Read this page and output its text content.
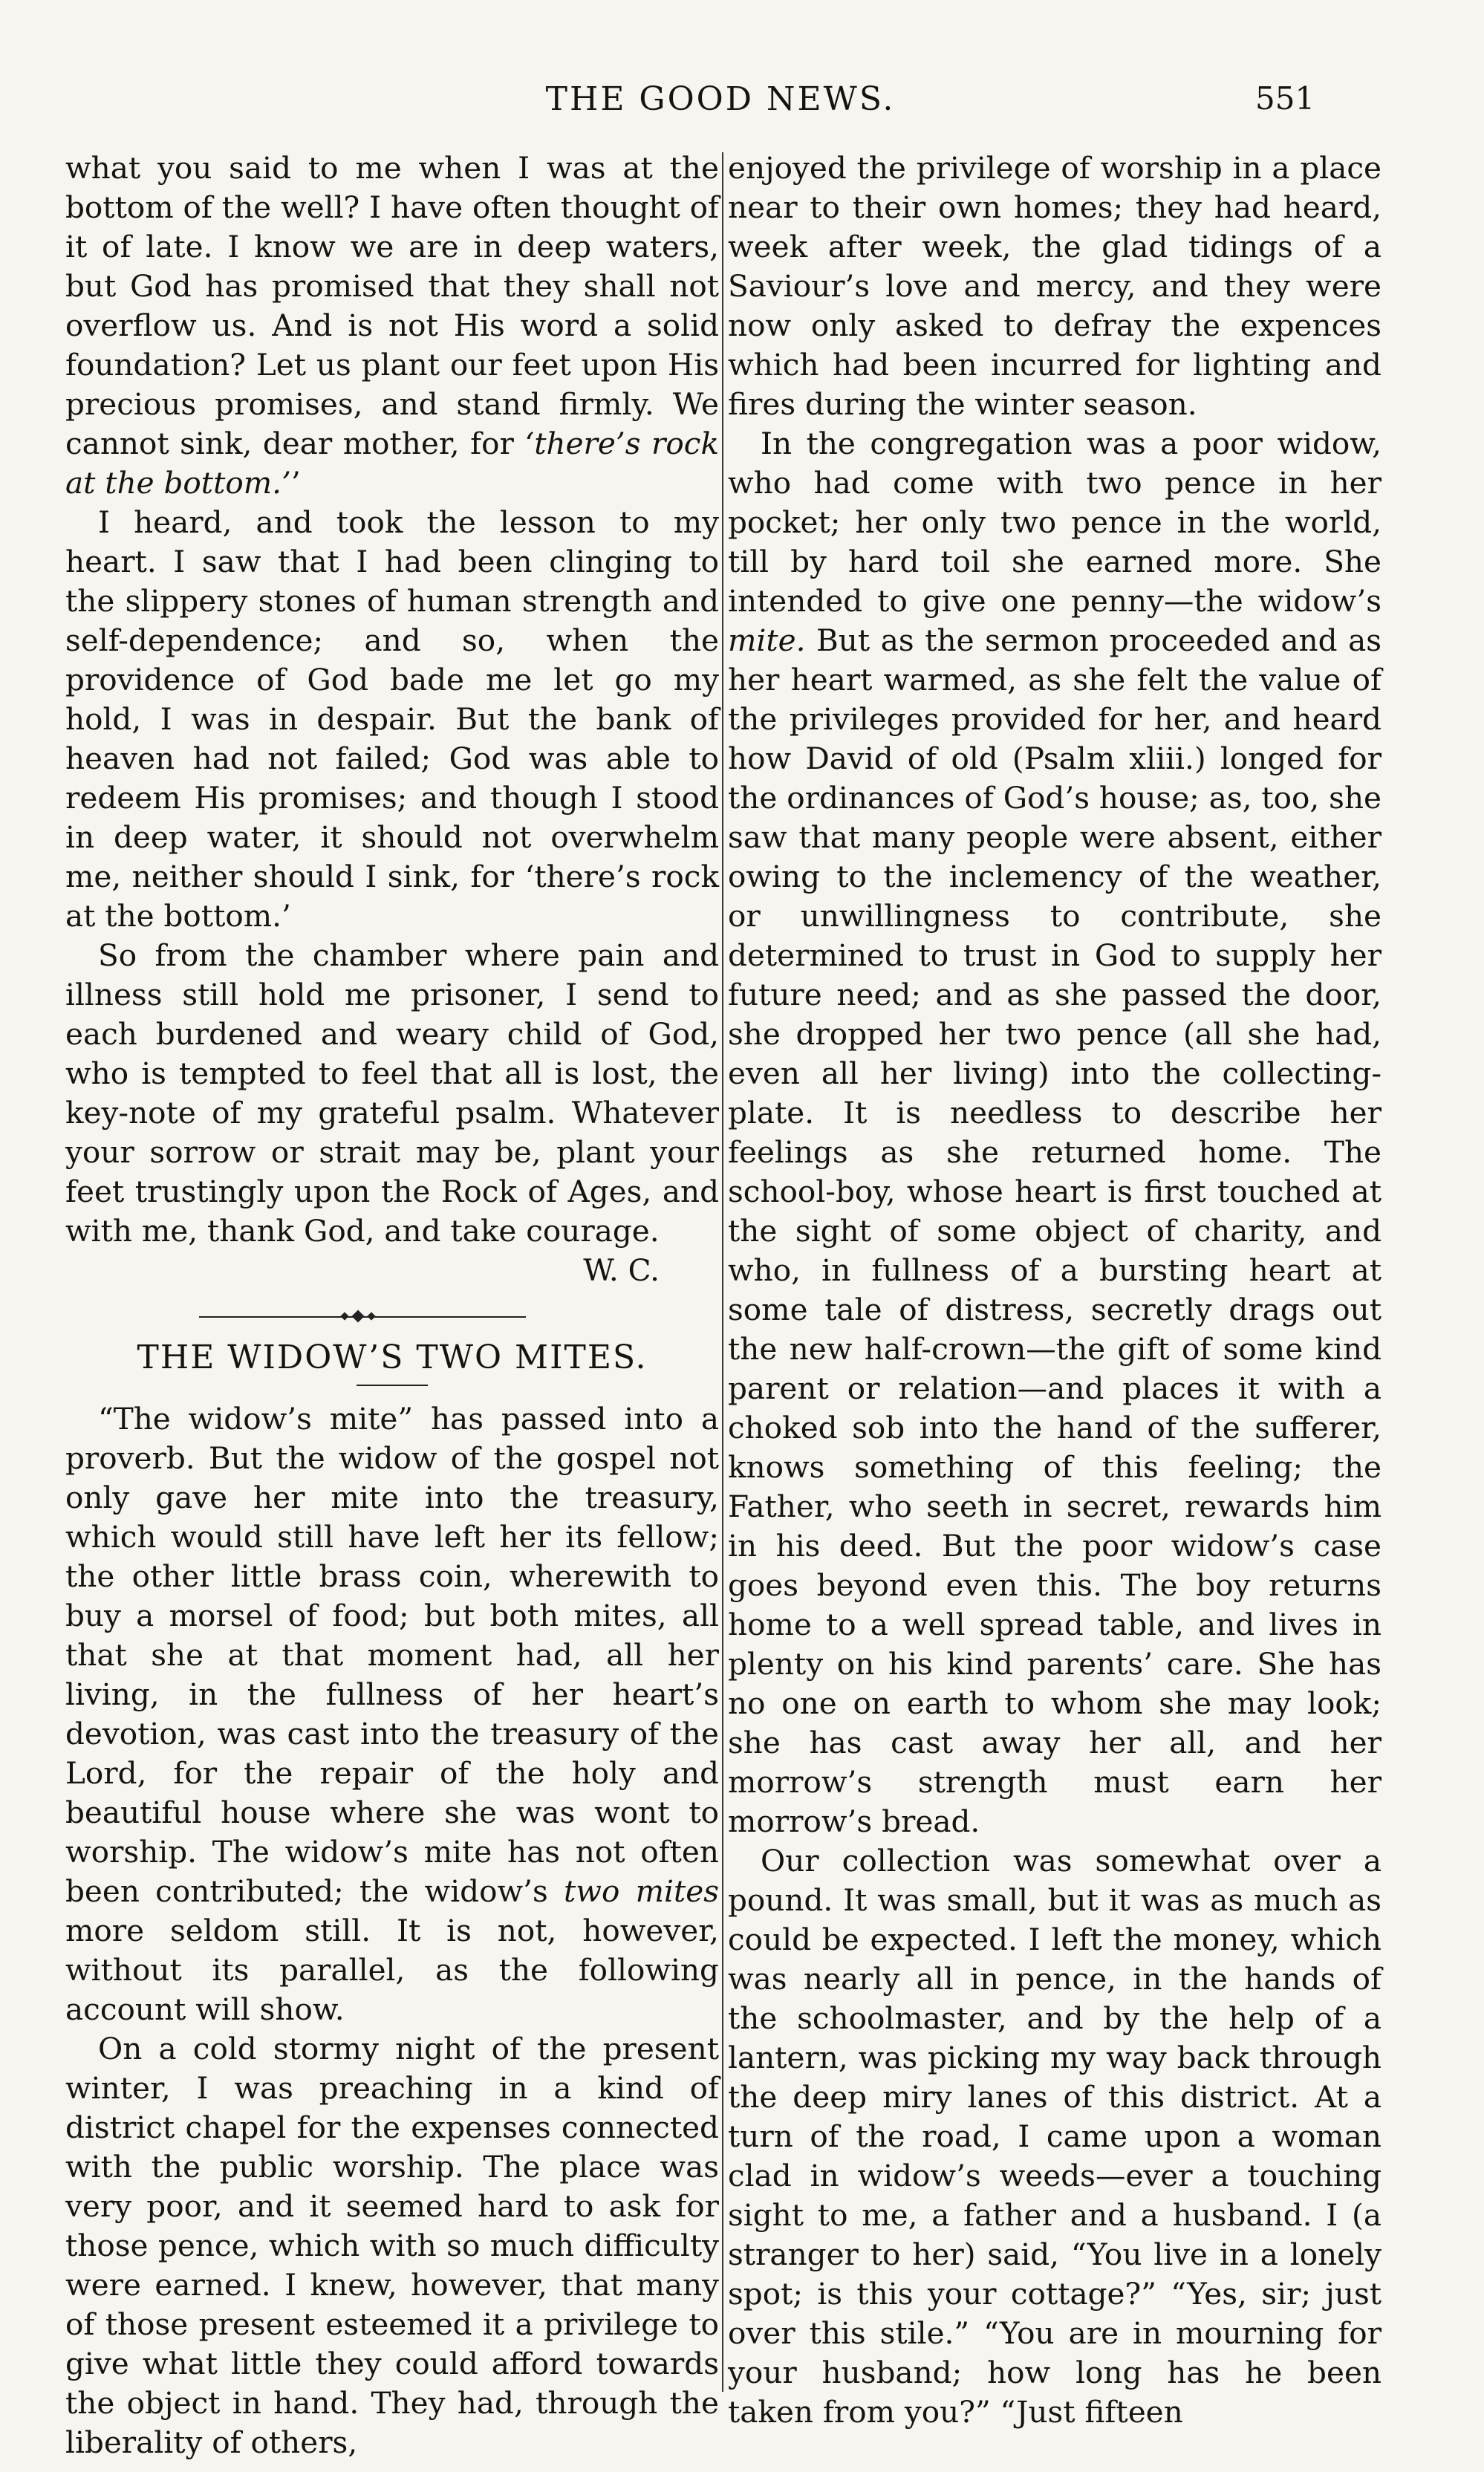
THE GOOD NEWS.	551

what you said to me when I was at the bottom of the well? I have often thought of it of late. I know we are in deep waters, but God has promised that they shall not overflow us. And is not His word a solid foundation? Let us plant our feet upon His precious promises, and stand firmly. We cannot sink, dear mother, for ‘there’s rock at the bottom.’’

I heard, and took the lesson to my heart. I saw that I had been clinging to the slippery stones of human strength and self-dependence; and so, when the providence of God bade me let go my hold, I was in despair. But the bank of heaven had not failed; God was able to redeem His promises; and though I stood in deep water, it should not overwhelm me, neither should I sink, for ‘there’s rock at the bottom.’

So from the chamber where pain and illness still hold me prisoner, I send to each burdened and weary child of God, who is tempted to feel that all is lost, the key-note of my grateful psalm. Whatever your sorrow or strait may be, plant your feet trustingly upon the Rock of Ages, and with me, thank God, and take courage.

W. C.

THE WIDOW’S TWO MITES.

“The widow’s mite” has passed into a proverb. But the widow of the gospel not only gave her mite into the treasury, which would still have left her its fellow; the other little brass coin, wherewith to buy a morsel of food; but both mites, all that she at that moment had, all her living, in the fullness of her heart’s devotion, was cast into the treasury of the Lord, for the repair of the holy and beautiful house where she was wont to worship. The widow’s mite has not often been contributed; the widow’s two mites more seldom still. It is not, however, without its parallel, as the following account will show.

On a cold stormy night of the present winter, I was preaching in a kind of district chapel for the expenses connected with the public worship. The place was very poor, and it seemed hard to ask for those pence, which with so much difficulty were earned. I knew, however, that many of those present esteemed it a privilege to give what little they could afford towards the object in hand. They had, through the liberality of others,

enjoyed the privilege of worship in a place near to their own homes; they had heard, week after week, the glad tidings of a Saviour’s love and mercy, and they were now only asked to defray the expences which had been incurred for lighting and fires during the winter season.

In the congregation was a poor widow, who had come with two pence in her pocket; her only two pence in the world, till by hard toil she earned more. She intended to give one penny—the widow’s mite. But as the sermon proceeded and as her heart warmed, as she felt the value of the privileges provided for her, and heard how David of old (Psalm xliii.) longed for the ordinances of God’s house; as, too, she saw that many people were absent, either owing to the inclemency of the weather, or unwillingness to contribute, she determined to trust in God to supply her future need; and as she passed the door, she dropped her two pence (all she had, even all her living) into the collecting-plate. It is needless to describe her feelings as she returned home. The school-boy, whose heart is first touched at the sight of some object of charity, and who, in fullness of a bursting heart at some tale of distress, secretly drags out the new half-crown—the gift of some kind parent or relation—and places it with a choked sob into the hand of the sufferer, knows something of this feeling; the Father, who seeth in secret, rewards him in his deed. But the poor widow’s case goes beyond even this. The boy returns home to a well spread table, and lives in plenty on his kind parents’ care. She has no one on earth to whom she may look; she has cast away her all, and her morrow’s strength must earn her morrow’s bread.

Our collection was somewhat over a pound. It was small, but it was as much as could be expected. I left the money, which was nearly all in pence, in the hands of the schoolmaster, and by the help of a lantern, was picking my way back through the deep miry lanes of this district. At a turn of the road, I came upon a woman clad in widow’s weeds—ever a touching sight to me, a father and a husband. I (a stranger to her) said, “You live in a lonely spot; is this your cottage?” “Yes, sir; just over this stile.” “You are in mourning for your husband; how long has he been taken from you?” “Just fifteen
